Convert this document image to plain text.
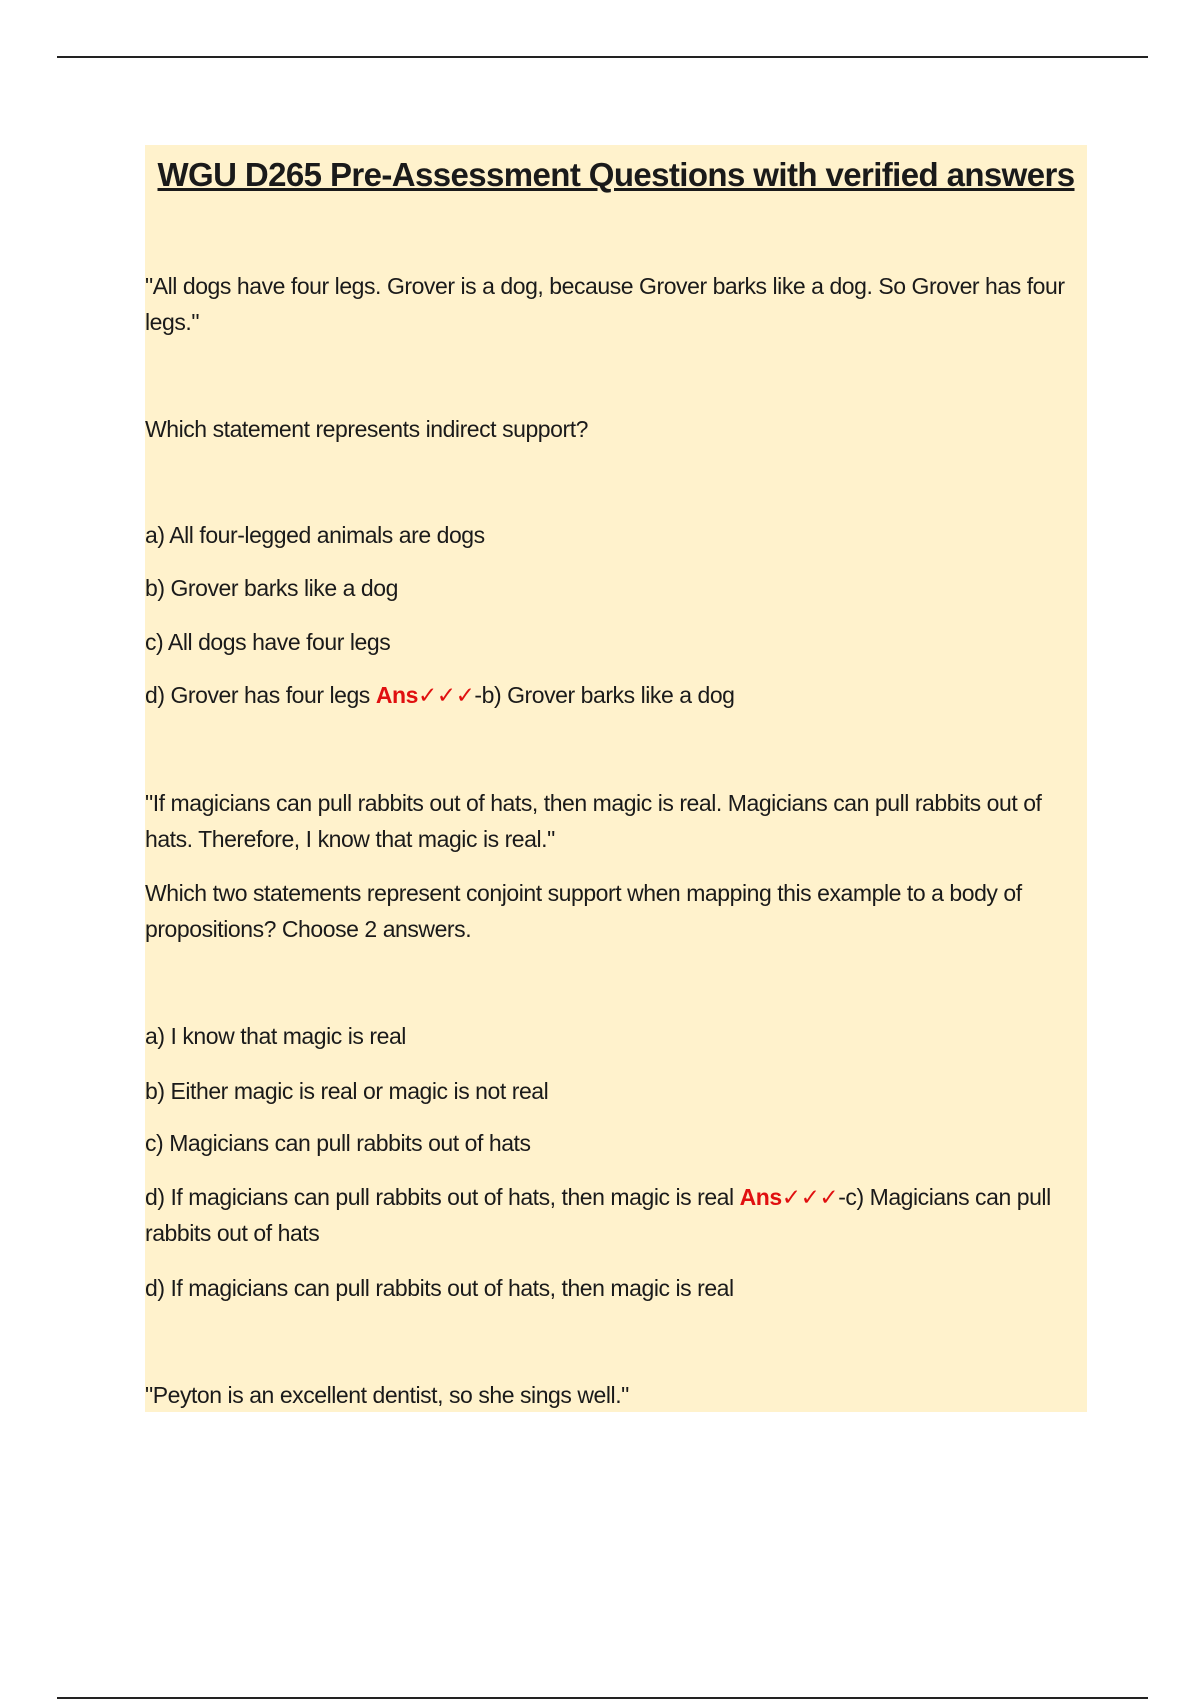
WGU D265 Pre-Assessment Questions with verified answers
"All dogs have four legs. Grover is a dog, because Grover barks like a dog. So Grover has four legs."
Which statement represents indirect support?
a) All four-legged animals are dogs
b) Grover barks like a dog
c) All dogs have four legs
d) Grover has four legs Ans✓✓✓-b) Grover barks like a dog
"If magicians can pull rabbits out of hats, then magic is real. Magicians can pull rabbits out of hats. Therefore, I know that magic is real."
Which two statements represent conjoint support when mapping this example to a body of propositions? Choose 2 answers.
a) I know that magic is real
b) Either magic is real or magic is not real
c) Magicians can pull rabbits out of hats
d) If magicians can pull rabbits out of hats, then magic is real Ans✓✓✓-c) Magicians can pull rabbits out of hats
d) If magicians can pull rabbits out of hats, then magic is real
"Peyton is an excellent dentist, so she sings well."
